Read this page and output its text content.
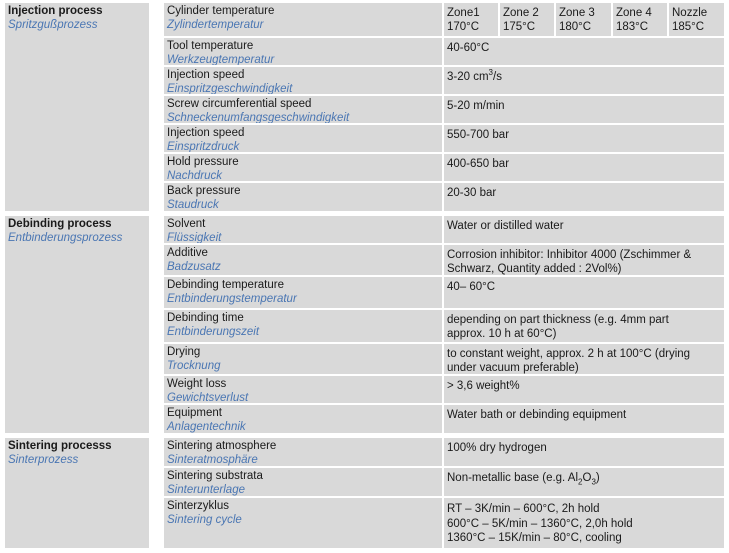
Injection process
Spritzgußprozess
Cylinder temperature
Zylindertemperatur
Zone1
170°C
Zone 2
175°C
Zone 3
180°C
Zone 4
183°C
Nozzle
185°C
Tool temperature
Werkzeugtemperatur
40-60°C
Injection speed
Einspritzgeschwindigkeit
3-20 $cm^3/s$
Screw circumferential speed
Schneckenumfangsgeschwindigkeit
5-20 m/min
Injection speed
Einspritzdruck
550-700 bar
Hold pressure
Nachdruck
400-650 bar
Back pressure
Staudruck
20-30 bar
Debinding process
Entbinderungsprozess
Solvent
Flüssigkeit
Water or distilled water
Additive
Badzusatz
Corrosion inhibitor: Inhibitor 4000 (Zschimmer &
Schwarz, Quantity added : 2Vol%)
Debinding temperature
Entbinderungstemperatur
40– 60°C
Debinding time
Entbinderungszeit
depending on part thickness (e.g. 4mm part
approx. 10 h at 60°C)
Drying
Trocknung
to constant weight, approx. 2 h at 100°C (drying
under vacuum preferable)
Weight loss
Gewichtsverlust
> 3,6 weight%
Equipment
Anlagentechnik
Water bath or debinding equipment
Sintering processs
Sinterprozess
Sintering atmosphere
Sinteratmosphäre
100% dry hydrogen
Sintering substrata
Sinterunterlage
Non-metallic base (e.g. $Al_2O_3$)
Sinterzyklus
Sintering cycle
RT – 3K/min – 600°C, 2h hold
600°C – 5K/min – 1360°C, 2,0h hold
1360°C – 15K/min – 80°C, cooling
